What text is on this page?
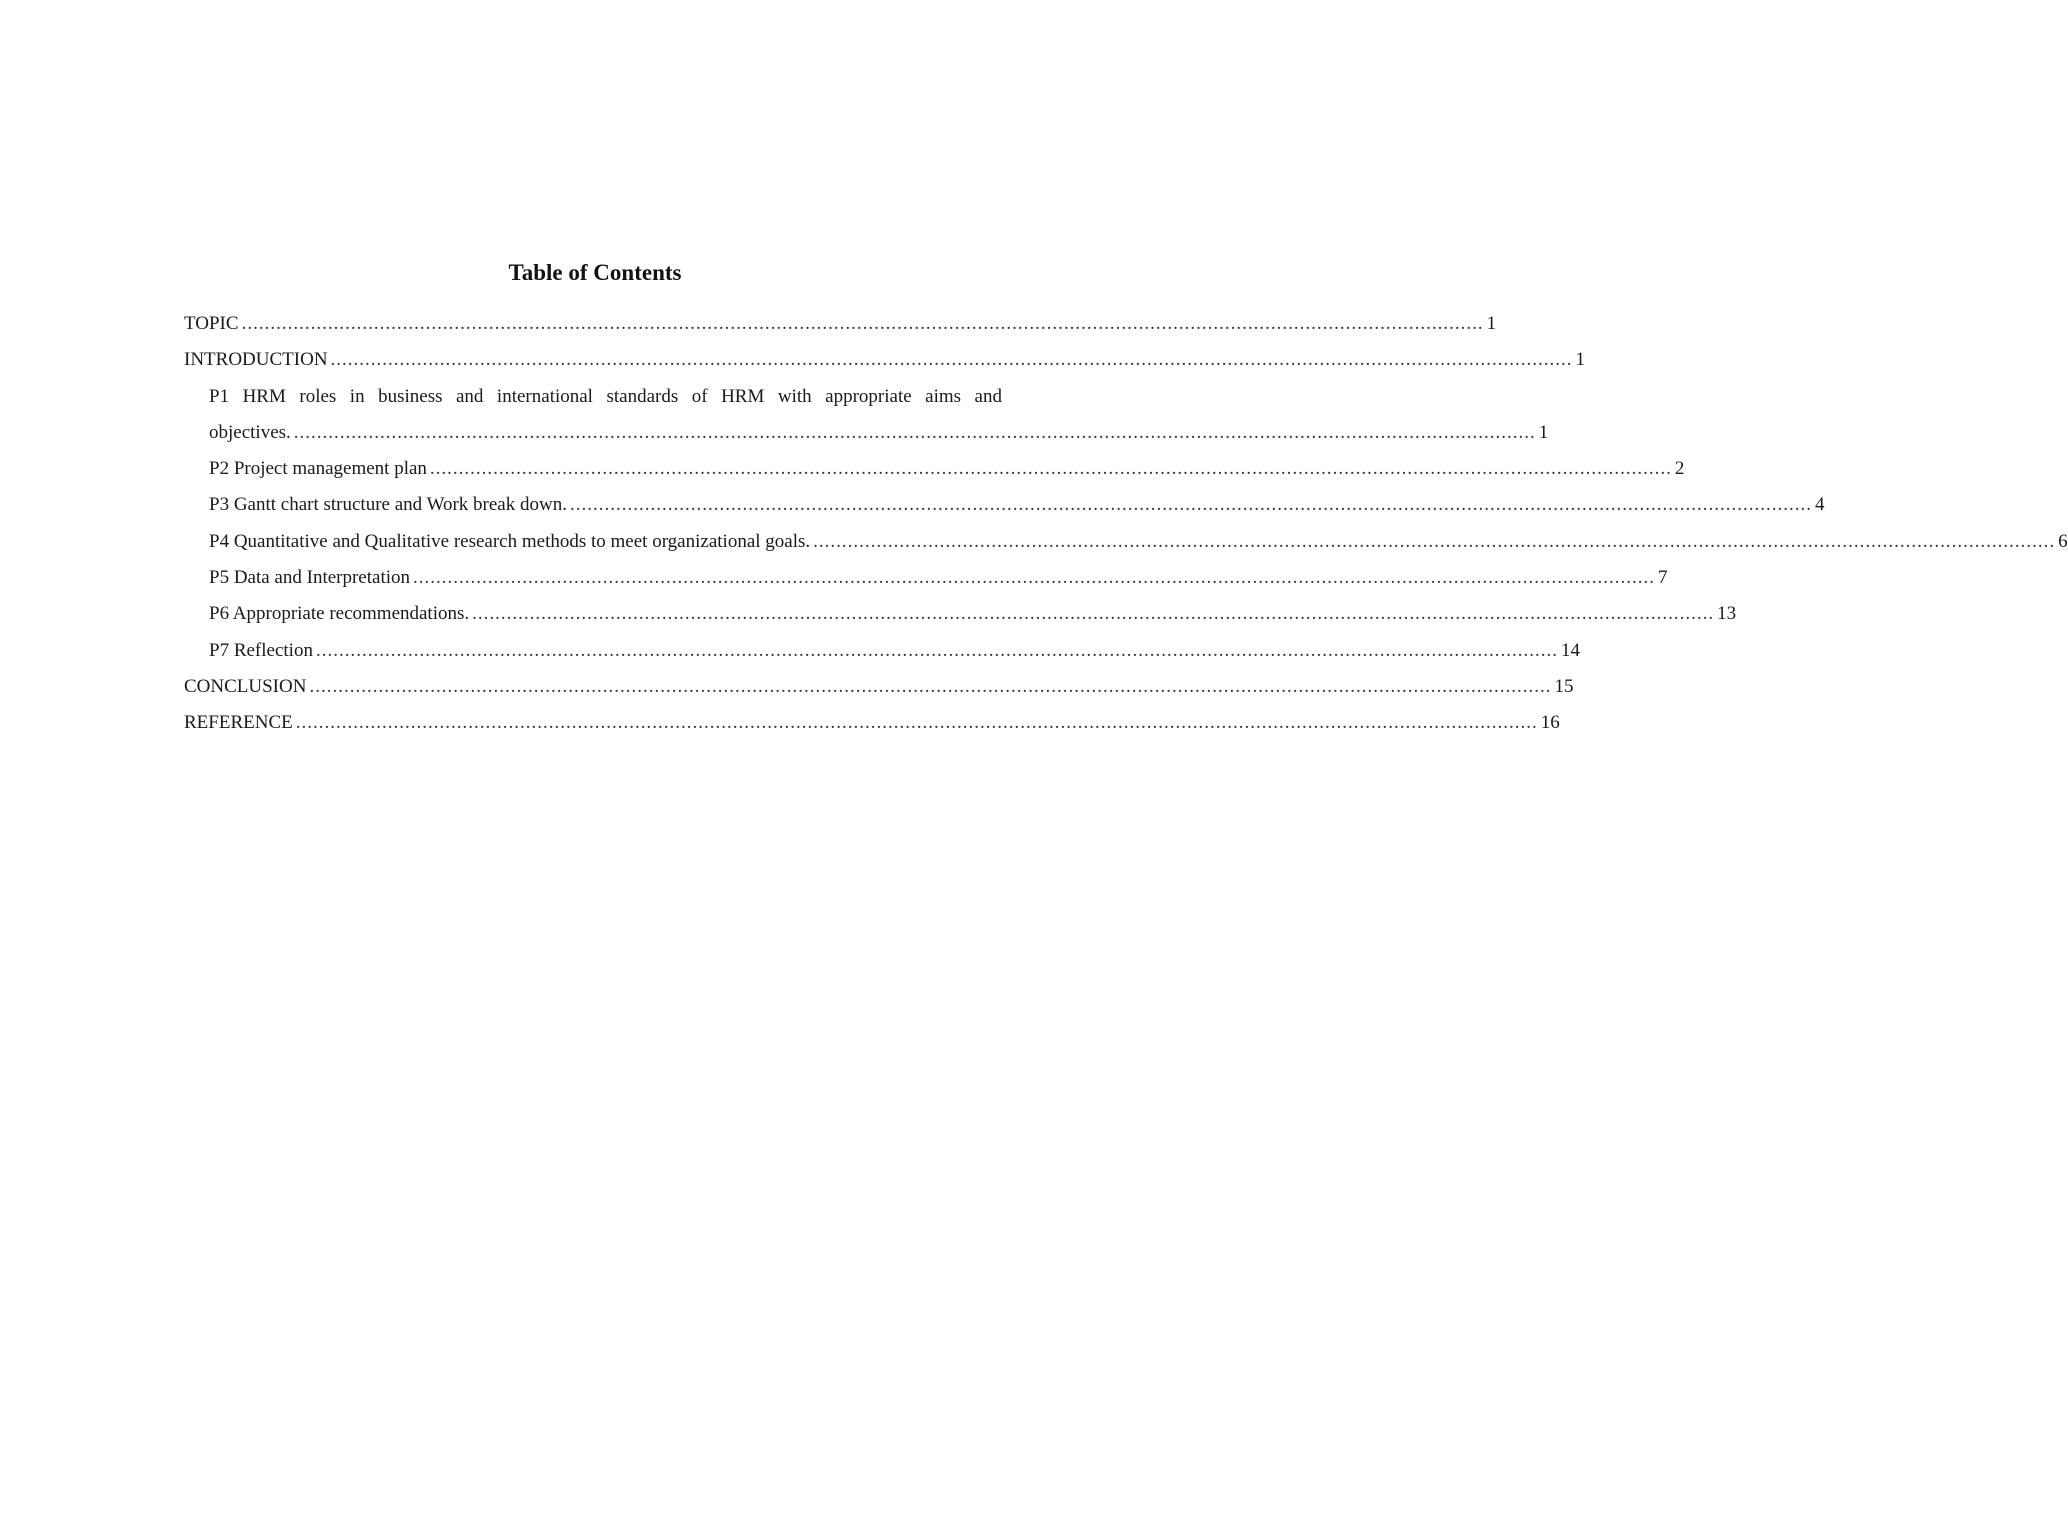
Table of Contents
TOPIC ........................................................................................................................................................................................................................ 1
INTRODUCTION ........................................................................................................................................................................................................................ 1
P1 HRM roles in business and international standards of HRM with appropriate aims and
objectives. ........................................................................................................................................................................................................................ 1
P2 Project management plan ........................................................................................................................................................................................................................ 2
P3 Gantt chart structure and Work break down. ........................................................................................................................................................................................................................ 4
P4 Quantitative and Qualitative research methods to meet organizational goals. ........................................................................................................................................................................................................................ 6
P5 Data and Interpretation ........................................................................................................................................................................................................................ 7
P6 Appropriate recommendations. ........................................................................................................................................................................................................................ 13
P7 Reflection ........................................................................................................................................................................................................................ 14
CONCLUSION ........................................................................................................................................................................................................................ 15
REFERENCE ........................................................................................................................................................................................................................ 16
